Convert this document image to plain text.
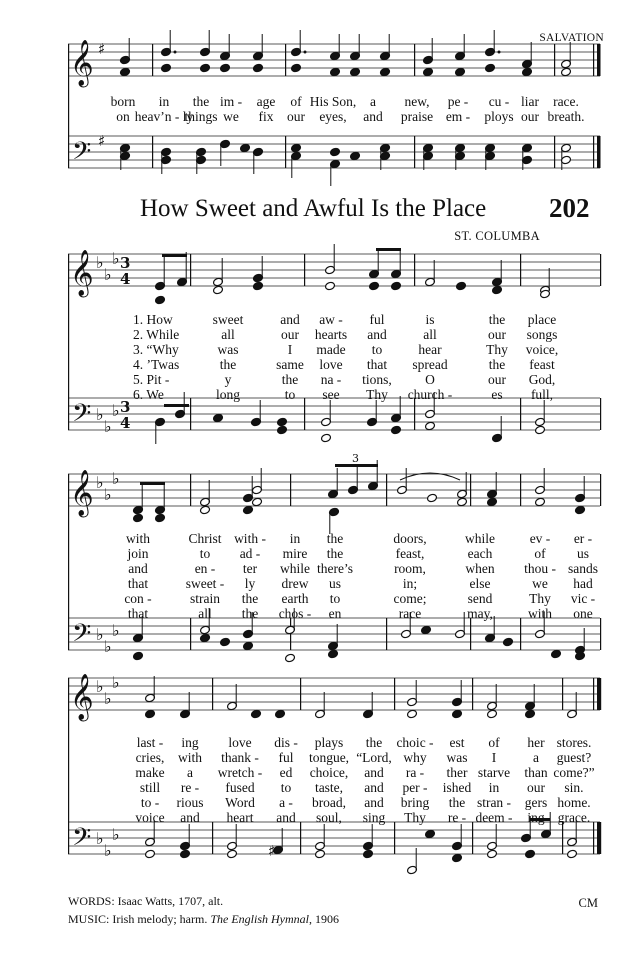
SALVATION
How Sweet and Awful Is the Place 202
ST. COLUMBA
𝄞 ♯
𝄢 ♯
𝄞 ♭
♭
♭ 3
4
𝄢 ♭
♭
♭ 3
4
𝄞 ♭
♭
♭
𝄢 ♭
♭
♭
3
𝄞 ♭
♭
♭
𝄢 ♭
♭
♭
♯
born in the im - age of His Son, a new, pe - cu - liar race.
on heav’n - ly
things we fix our eyes, and praise em - ploys our breath.
1. How	sweet	and aw - ful	is	the place
2. While	all	our hearts and	all	our songs
3. “Why	was	I made to	hear	Thy voice,
4. ’Twas	the	same love that spread	the feast
5. Pit -	y	the na - tions, O	our God,
6. We	long	to see Thy church -	es full,
with	Christ with - in the	doors,	while	ev - er -
join	to ad - mire the	feast,	each	of us
and	en - ter while there’s	room,	when thou - sands
that	sweet - ly drew us	in;	else	we had
con -	strain the earth to	come;	send	Thy vic -
that	all the chos - en	race	may,	with one
last - ing love dis - plays the choic - est of her stores.
cries, with thank - ful tongue, “Lord, why was I	a guest?
make a wretch - ed choice, and ra - ther starve than come?”
still re - fused to taste, and per - ished in our sin.
to - rious Word a - broad, and bring the stran - gers home.
voice and heart and soul, sing Thy re - deem - ing grace.
WORDS: Isaac Watts, 1707, alt.
MUSIC: Irish melody; harm. The English Hymnal, 1906
CM
